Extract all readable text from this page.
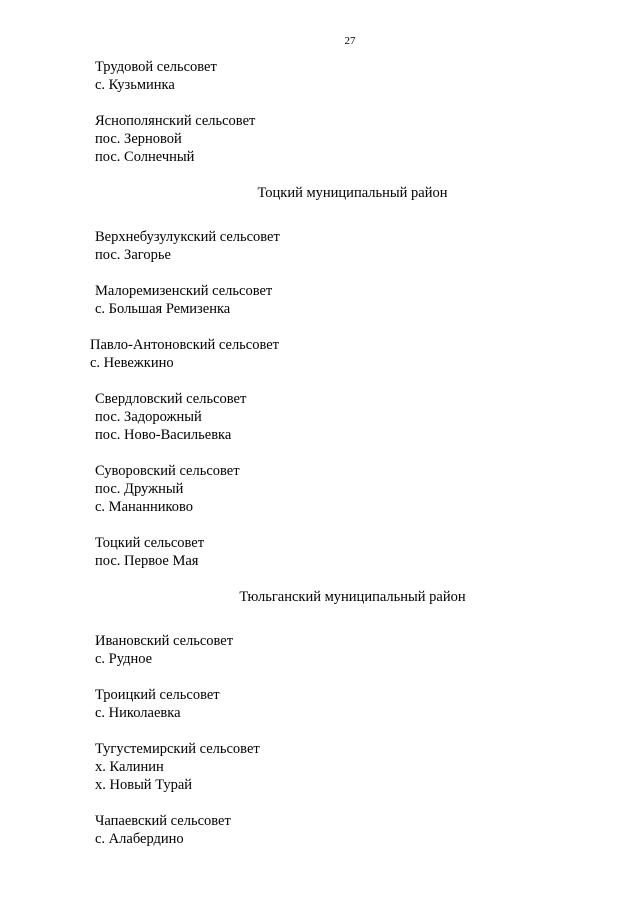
27
Трудовой сельсовет
с. Кузьминка
Яснополянский сельсовет
пос. Зерновой
пос. Солнечный
Тоцкий муниципальный район
Верхнебузулукский сельсовет
пос. Загорье
Малоремизенский сельсовет
с. Большая Ремизенка
Павло-Антоновский сельсовет
с. Невежкино
Свердловский сельсовет
пос. Задорожный
пос. Ново-Васильевка
Суворовский сельсовет
пос. Дружный
с. Мананниково
Тоцкий сельсовет
пос. Первое Мая
Тюльганский муниципальный район
Ивановский сельсовет
с. Рудное
Троицкий сельсовет
с. Николаевка
Тугустемирский сельсовет
х. Калинин
х. Новый Турай
Чапаевский сельсовет
с. Алабердино
